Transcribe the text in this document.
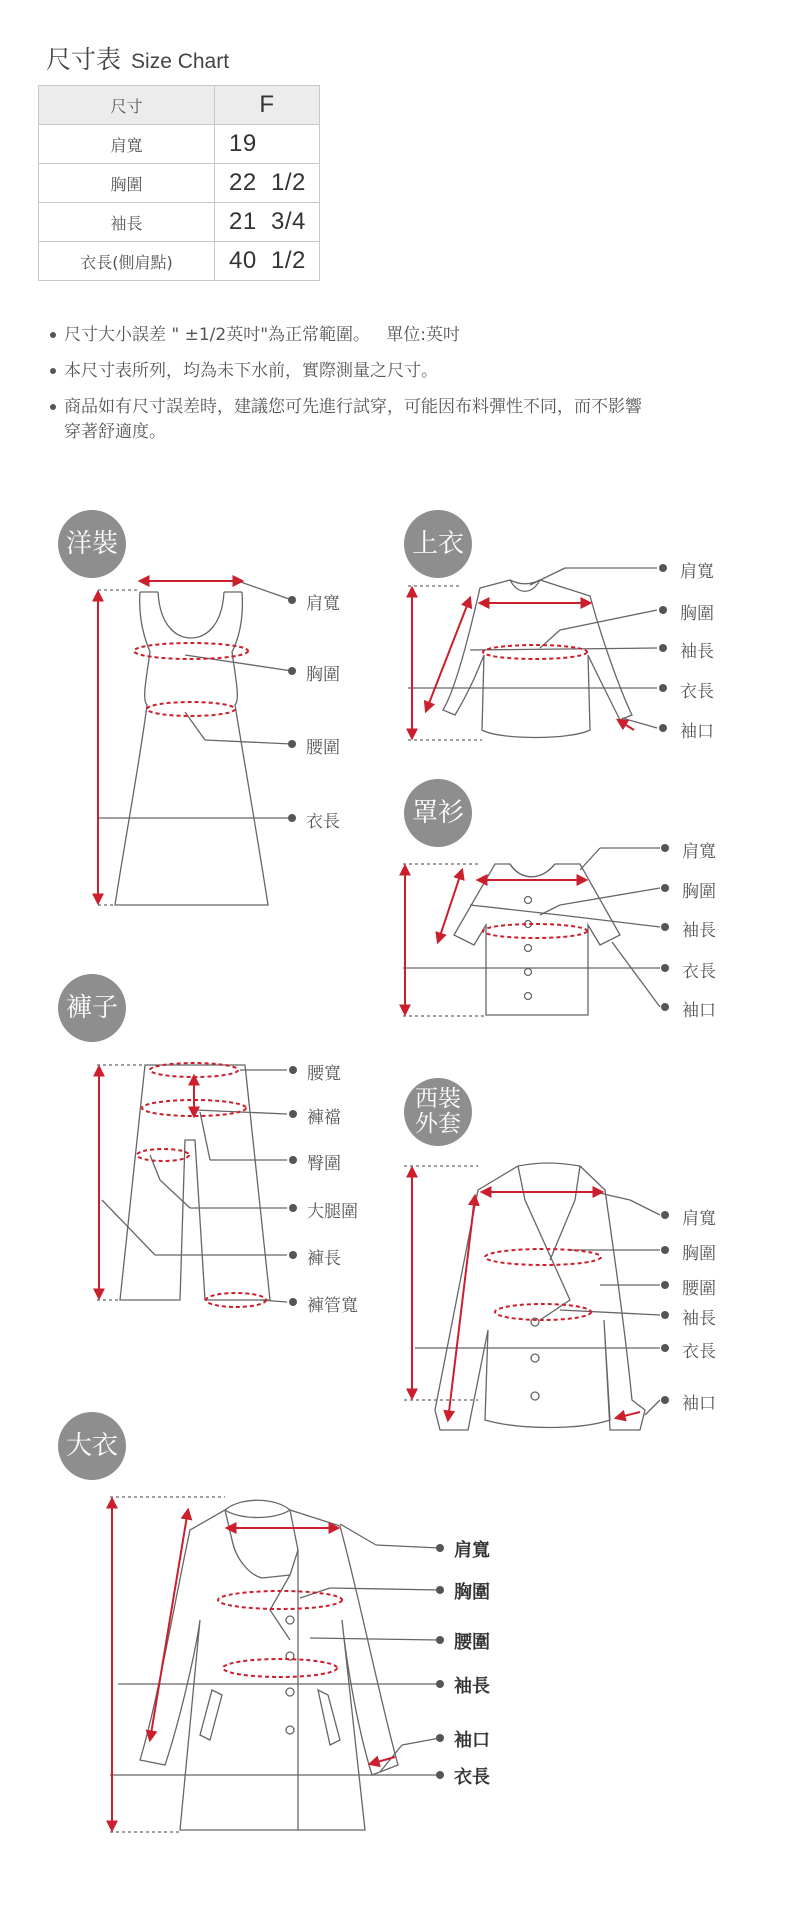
尺寸表 Size Chart
尺寸	F
肩寬	19
胸圍	22  1/2
袖長	21  3/4
衣長(側肩點)	40  1/2
尺寸大小誤差 " ±1/2英吋"為正常範圍。   單位:英吋
本尺寸表所列，均為未下水前，實際測量之尺寸。
商品如有尺寸誤差時，建議您可先進行試穿，可能因布料彈性不同，而不影響
穿著舒適度。
洋裝	上衣
罩衫
褲子
西裝
外套
大衣
肩寬
胸圍
腰圍
衣長
肩寬
胸圍
袖長
衣長
袖口
肩寬
胸圍
袖長
衣長
袖口
腰寬
褲襠
臀圍
大腿圍
褲長
褲管寬
肩寬
胸圍
腰圍
袖長
衣長
袖口
肩寬
胸圍
腰圍
袖長
袖口
衣長
